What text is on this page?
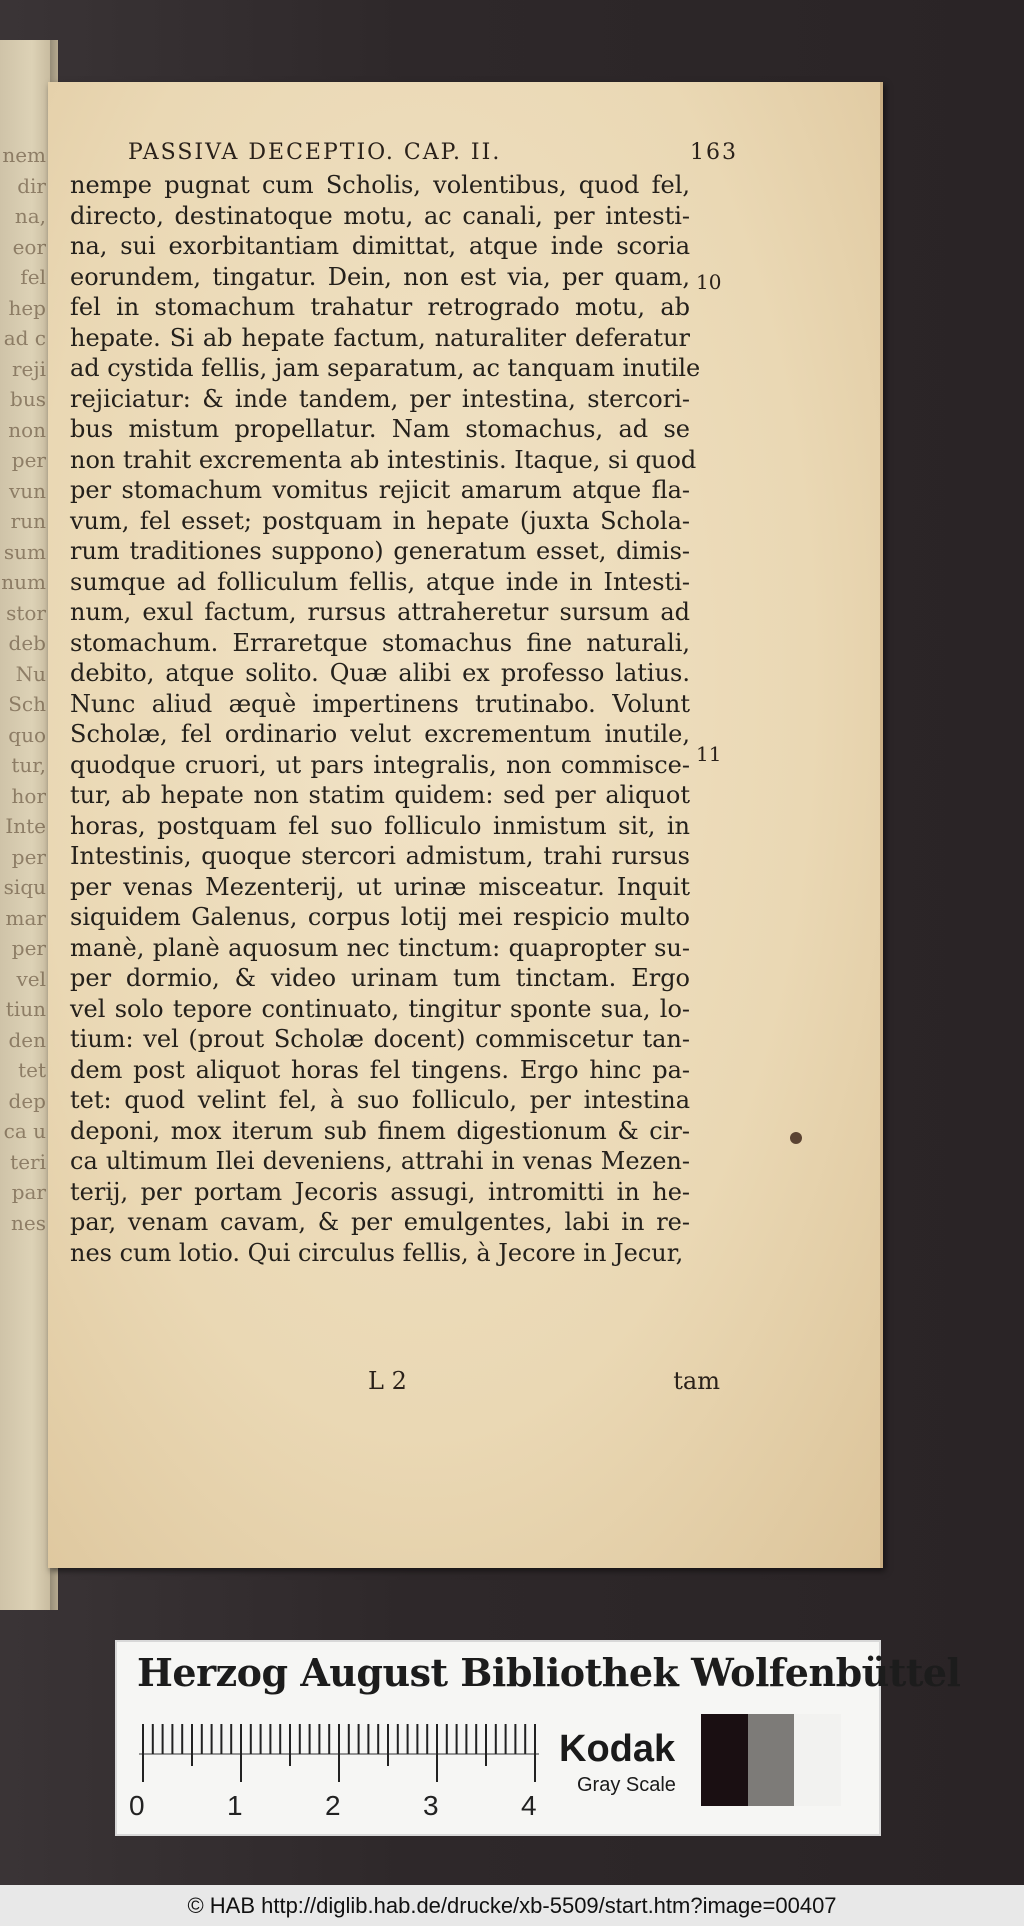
nem
dir
na,
eor
fel
hep
ad c
reji
bus
non
per
vun
run
sum
num
stor
deb
Nu
Sch
quo
tur,
hor
Inte
per
siqu
mar
per
vel
tiun
den
tet
dep
ca u
teri
par
nes
PASSIVA DECEPTIO. CAP. II.	163
nempe pugnat cum Scholis, volentibus, quod fel,
directo, destinatoque motu, ac canali, per intesti-
na, sui exorbitantiam dimittat, atque inde scoria
eorundem, tingatur. Dein, non est via, per quam,
fel in stomachum trahatur retrogrado motu, ab
hepate. Si ab hepate factum, naturaliter deferatur
ad cystida fellis, jam separatum, ac tanquam inutile
rejiciatur: & inde tandem, per intestina, stercori-
bus mistum propellatur. Nam stomachus, ad se
non trahit excrementa ab intestinis. Itaque, si quod
per stomachum vomitus rejicit amarum atque fla-
vum, fel esset; postquam in hepate (juxta Schola-
rum traditiones suppono) generatum esset, dimis-
sumque ad folliculum fellis, atque inde in Intesti-
num, exul factum, rursus attraheretur sursum ad
stomachum. Erraretque stomachus fine naturali,
debito, atque solito. Quæ alibi ex professo latius.
Nunc aliud æquè impertinens trutinabo. Volunt
Scholæ, fel ordinario velut excrementum inutile,
quodque cruori, ut pars integralis, non commisce-
tur, ab hepate non statim quidem: sed per aliquot
horas, postquam fel suo folliculo inmistum sit, in
Intestinis, quoque stercori admistum, trahi rursus
per venas Mezenterij, ut urinæ misceatur. Inquit
siquidem Galenus, corpus lotij mei respicio multo
manè, planè aquosum nec tinctum: quapropter su-
per dormio, & video urinam tum tinctam. Ergo
vel solo tepore continuato, tingitur sponte sua, lo-
tium: vel (prout Scholæ docent) commiscetur tan-
dem post aliquot horas fel tingens. Ergo hinc pa-
tet: quod velint fel, à suo folliculo, per intestina
deponi, mox iterum sub finem digestionum & cir-
ca ultimum Ilei deveniens, attrahi in venas Mezen-
terij, per portam Jecoris assugi, intromitti in he-
par, venam cavam, & per emulgentes, labi in re-
nes cum lotio. Qui circulus fellis, à Jecore in Jecur,
10
11
L 2	tam
Herzog August Bibliothek Wolfenbüttel
0	1	2	3	4
Kodak
Gray Scale
© HAB http://diglib.hab.de/drucke/xb-5509/start.htm?image=00407
